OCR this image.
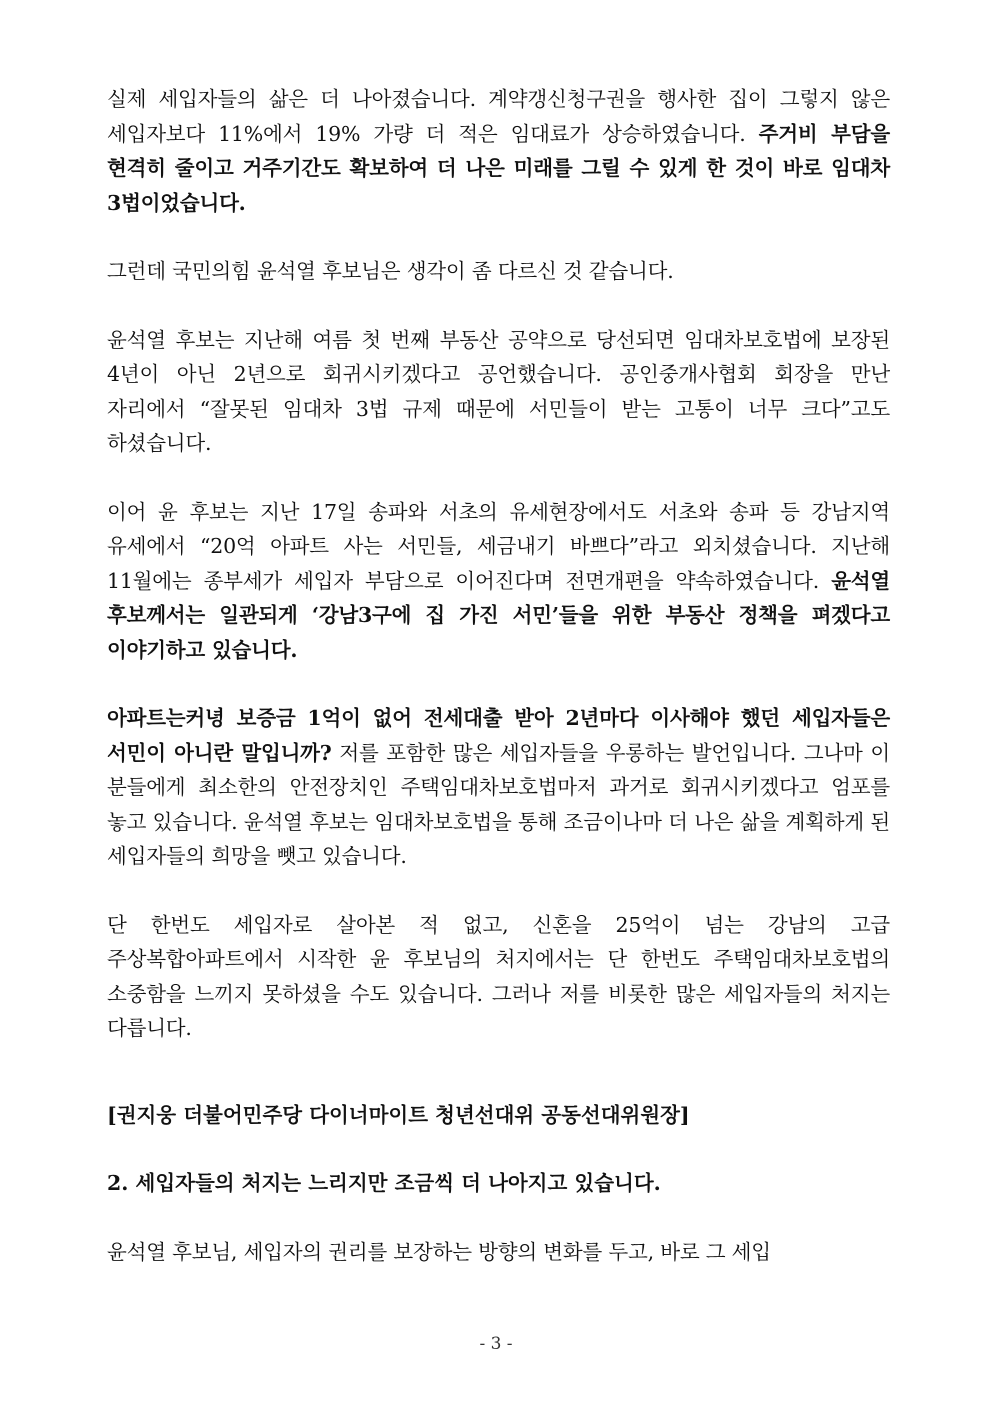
실제 세입자들의 삶은 더 나아졌습니다. 계약갱신청구권을 행사한 집이 그렇지 않은 세입자보다 11%에서 19% 가량 더 적은 임대료가 상승하였습니다. 주거비 부담을 현격히 줄이고 거주기간도 확보하여 더 나은 미래를 그릴 수 있게 한 것이 바로 임대차 3법이었습니다.

그런데 국민의힘 윤석열 후보님은 생각이 좀 다르신 것 같습니다.

윤석열 후보는 지난해 여름 첫 번째 부동산 공약으로 당선되면 임대차보호법에 보장된 4년이 아닌 2년으로 회귀시키겠다고 공언했습니다. 공인중개사협회 회장을 만난 자리에서 “잘못된 임대차 3법 규제 때문에 서민들이 받는 고통이 너무 크다”고도 하셨습니다.

이어 윤 후보는 지난 17일 송파와 서초의 유세현장에서도 서초와 송파 등 강남지역 유세에서 “20억 아파트 사는 서민들, 세금내기 바쁘다”라고 외치셨습니다. 지난해 11월에는 종부세가 세입자 부담으로 이어진다며 전면개편을 약속하였습니다. 윤석열 후보께서는 일관되게 ‘강남3구에 집 가진 서민’들을 위한 부동산 정책을 펴겠다고 이야기하고 있습니다.

아파트는커녕 보증금 1억이 없어 전세대출 받아 2년마다 이사해야 했던 세입자들은 서민이 아니란 말입니까? 저를 포함한 많은 세입자들을 우롱하는 발언입니다. 그나마 이 분들에게 최소한의 안전장치인 주택임대차보호법마저 과거로 회귀시키겠다고 엄포를 놓고 있습니다. 윤석열 후보는 임대차보호법을 통해 조금이나마 더 나은 삶을 계획하게 된 세입자들의 희망을 뺏고 있습니다.

단 한번도 세입자로 살아본 적 없고, 신혼을 25억이 넘는 강남의 고급 주상복합아파트에서 시작한 윤 후보님의 처지에서는 단 한번도 주택임대차보호법의 소중함을 느끼지 못하셨을 수도 있습니다. 그러나 저를 비롯한 많은 세입자들의 처지는 다릅니다.

[권지웅 더불어민주당 다이너마이트 청년선대위 공동선대위원장]

2. 세입자들의 처지는 느리지만 조금씩 더 나아지고 있습니다.

윤석열 후보님, 세입자의 권리를 보장하는 방향의 변화를 두고, 바로 그 세입

- 3 -
